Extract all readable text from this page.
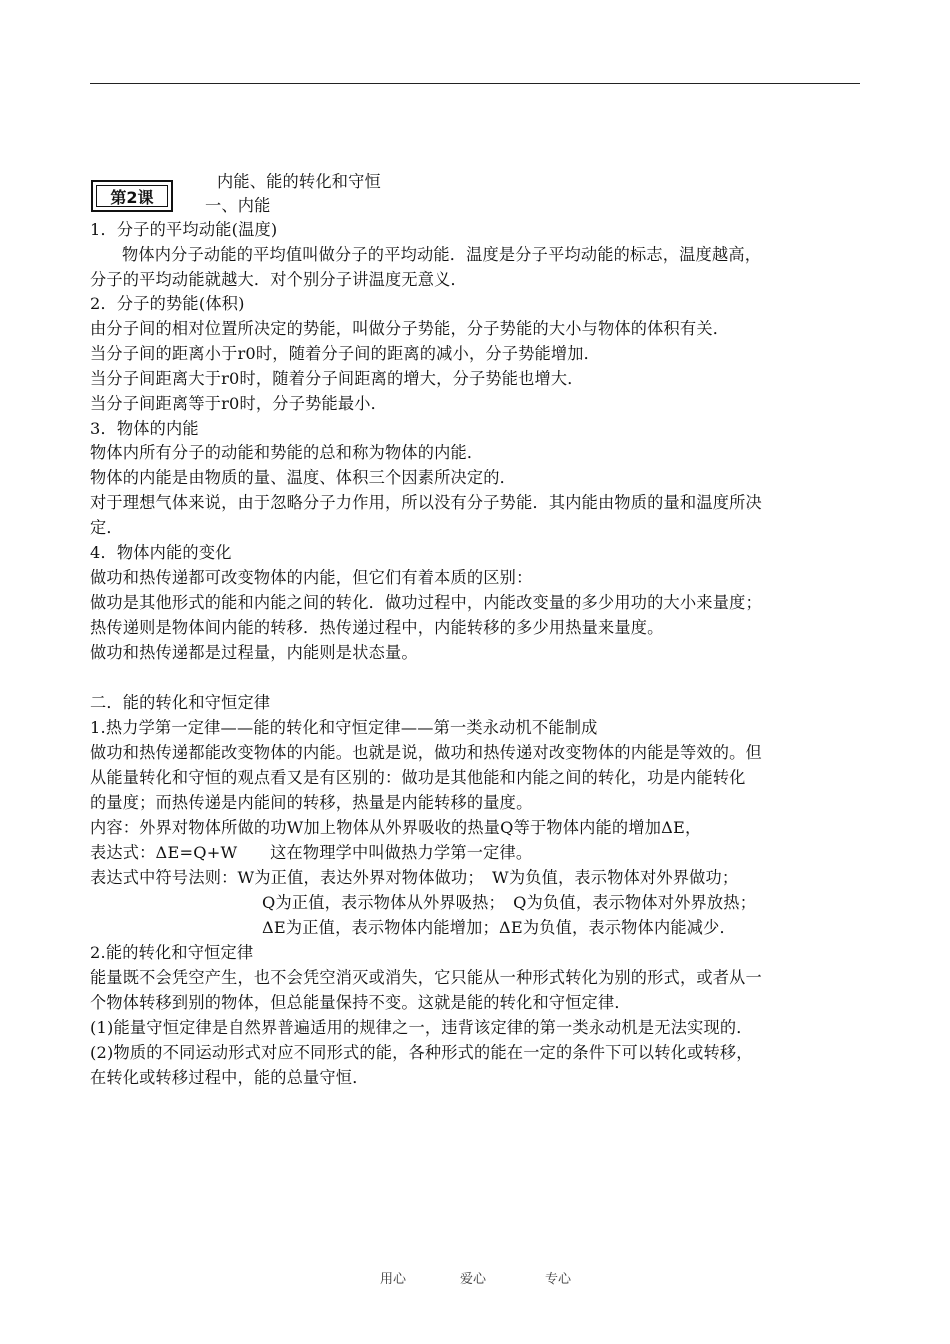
第2课
内能、能的转化和守恒
一、内能
1．分子的平均动能(温度)
物体内分子动能的平均值叫做分子的平均动能．温度是分子平均动能的标志，温度越高，
分子的平均动能就越大．对个别分子讲温度无意义．
2．分子的势能(体积)
由分子间的相对位置所决定的势能，叫做分子势能，分子势能的大小与物体的体积有关．
当分子间的距离小于r0时，随着分子间的距离的减小，分子势能增加．
当分子间距离大于r0时，随着分子间距离的增大，分子势能也增大．
当分子间距离等于r0时，分子势能最小．
3．物体的内能
物体内所有分子的动能和势能的总和称为物体的内能．
物体的内能是由物质的量、温度、体积三个因素所决定的．
对于理想气体来说，由于忽略分子力作用，所以没有分子势能．其内能由物质的量和温度所决
定．
4．物体内能的变化
做功和热传递都可改变物体的内能，但它们有着本质的区别：
做功是其他形式的能和内能之间的转化．做功过程中，内能改变量的多少用功的大小来量度；
热传递则是物体间内能的转移．热传递过程中，内能转移的多少用热量来量度。
做功和热传递都是过程量，内能则是状态量。
二．能的转化和守恒定律
1.热力学第一定律——能的转化和守恒定律——第一类永动机不能制成
做功和热传递都能改变物体的内能。也就是说，做功和热传递对改变物体的内能是等效的。但
从能量转化和守恒的观点看又是有区别的：做功是其他能和内能之间的转化，功是内能转化
的量度；而热传递是内能间的转移，热量是内能转移的量度。
内容：外界对物体所做的功W加上物体从外界吸收的热量Q等于物体内能的增加ΔE，
表达式：ΔE=Q+W　　这在物理学中叫做热力学第一定律。
表达式中符号法则：W为正值，表达外界对物体做功；　W为负值，表示物体对外界做功；
Q为正值，表示物体从外界吸热；　Q为负值，表示物体对外界放热；
ΔE为正值，表示物体内能增加；ΔE为负值，表示物体内能减少．
2.能的转化和守恒定律
能量既不会凭空产生，也不会凭空消灭或消失，它只能从一种形式转化为别的形式，或者从一
个物体转移到别的物体，但总能量保持不变。这就是能的转化和守恒定律．
(1)能量守恒定律是自然界普遍适用的规律之一，违背该定律的第一类永动机是无法实现的．
(2)物质的不同运动形式对应不同形式的能，各种形式的能在一定的条件下可以转化或转移，
在转化或转移过程中，能的总量守恒．
用心	爱心	专心
